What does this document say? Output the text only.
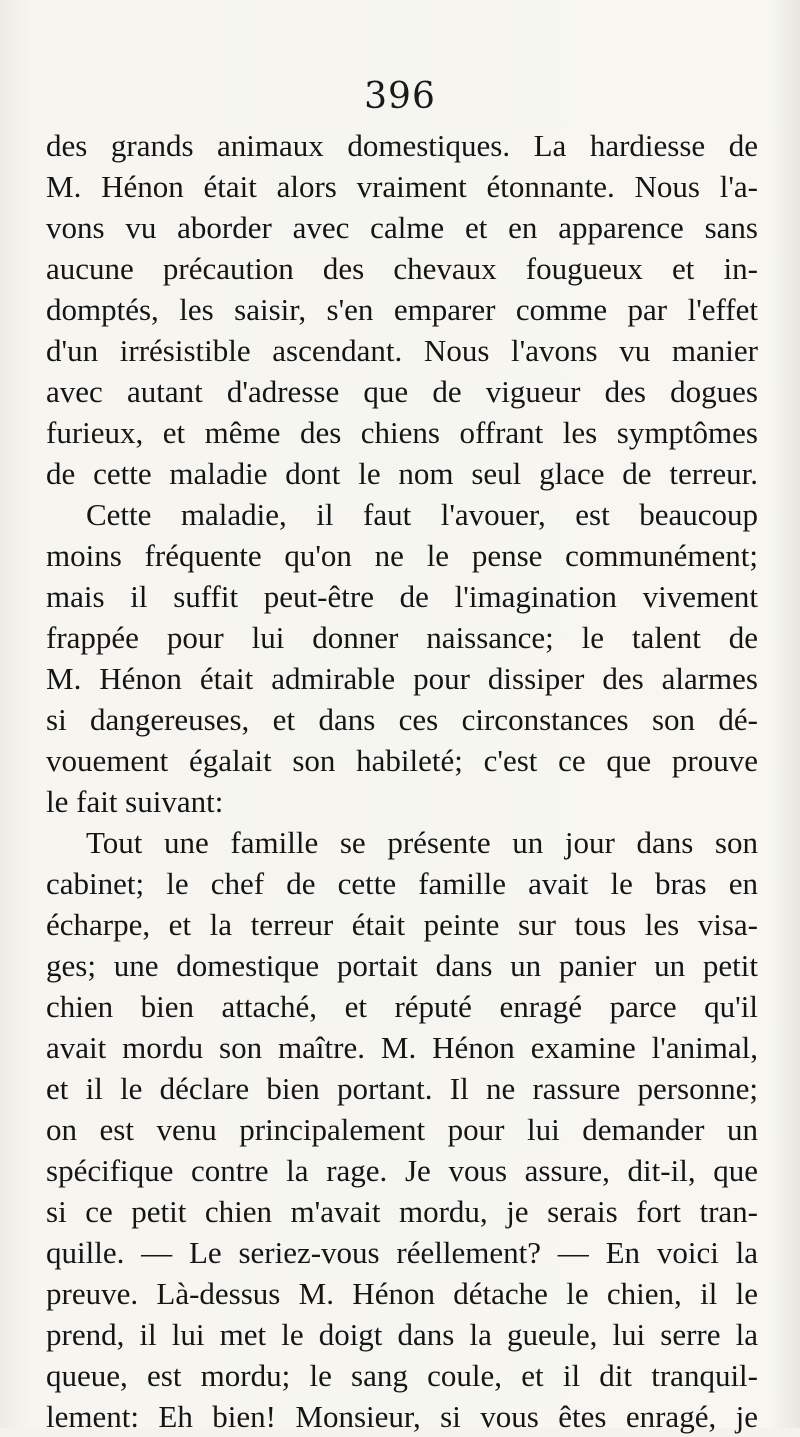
396
des grands animaux domestiques. La hardiesse de
M. Hénon était alors vraiment étonnante. Nous l'a-
vons vu aborder avec calme et en apparence sans
aucune précaution des chevaux fougueux et in-
domptés, les saisir, s'en emparer comme par l'effet
d'un irrésistible ascendant. Nous l'avons vu manier
avec autant d'adresse que de vigueur des dogues
furieux, et même des chiens offrant les symptômes
de cette maladie dont le nom seul glace de terreur.
Cette maladie, il faut l'avouer, est beaucoup
moins fréquente qu'on ne le pense communément;
mais il suffit peut-être de l'imagination vivement
frappée pour lui donner naissance; le talent de
M. Hénon était admirable pour dissiper des alarmes
si dangereuses, et dans ces circonstances son dé-
vouement égalait son habileté; c'est ce que prouve
le fait suivant:
Tout une famille se présente un jour dans son
cabinet; le chef de cette famille avait le bras en
écharpe, et la terreur était peinte sur tous les visa-
ges; une domestique portait dans un panier un petit
chien bien attaché, et réputé enragé parce qu'il
avait mordu son maître. M. Hénon examine l'animal,
et il le déclare bien portant. Il ne rassure personne;
on est venu principalement pour lui demander un
spécifique contre la rage. Je vous assure, dit-il, que
si ce petit chien m'avait mordu, je serais fort tran-
quille. — Le seriez-vous réellement? — En voici la
preuve. Là-dessus M. Hénon détache le chien, il le
prend, il lui met le doigt dans la gueule, lui serre la
queue, est mordu; le sang coule, et il dit tranquil-
lement: Eh bien! Monsieur, si vous êtes enragé, je
